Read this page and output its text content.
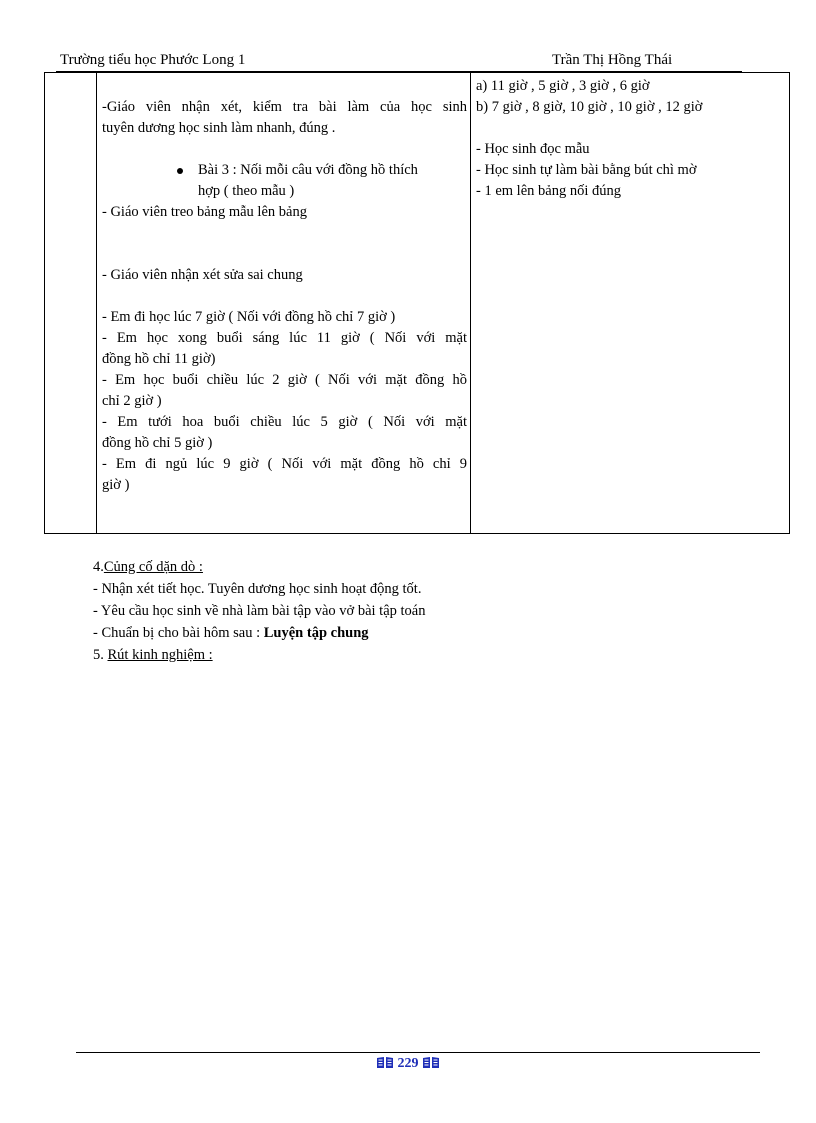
Trường tiểu học Phước Long 1	Trần Thị Hồng Thái
-Giáo viên nhận xét, kiểm tra bài làm của học sinh
tuyên dương học sinh làm nhanh, đúng .
Bài 3 : Nối mỗi câu với đồng hồ thích
hợp ( theo mẫu )
- Giáo viên treo bảng mẫu lên bảng
- Giáo viên nhận xét sửa sai chung
- Em đi học lúc 7 giờ ( Nối với đồng hồ chỉ 7 giờ )
- Em học xong buổi sáng lúc 11 giờ ( Nối với mặt
đồng hồ chỉ 11 giờ)
- Em học buổi chiều lúc 2 giờ ( Nối với mặt đồng hồ
chỉ 2 giờ )
- Em tưới hoa buổi chiều lúc 5 giờ ( Nối với mặt
đồng hồ chỉ 5 giờ )
- Em đi ngủ lúc 9 giờ ( Nối với mặt đồng hồ chỉ 9
giờ )
a) 11 giờ , 5 giờ , 3 giờ , 6 giờ
b) 7 giờ , 8 giờ, 10 giờ , 10 giờ , 12 giờ
- Học sinh đọc mẫu
- Học sinh tự làm bài bằng bút chì mờ
- 1 em lên bảng nối đúng
4.Củng cố dặn dò :
- Nhận xét tiết học. Tuyên dương học sinh hoạt động tốt.
- Yêu cầu học sinh về nhà làm bài tập vào vở bài tập toán
- Chuẩn bị cho bài hôm sau : Luyện tập chung
5. Rút kinh nghiệm :
229
